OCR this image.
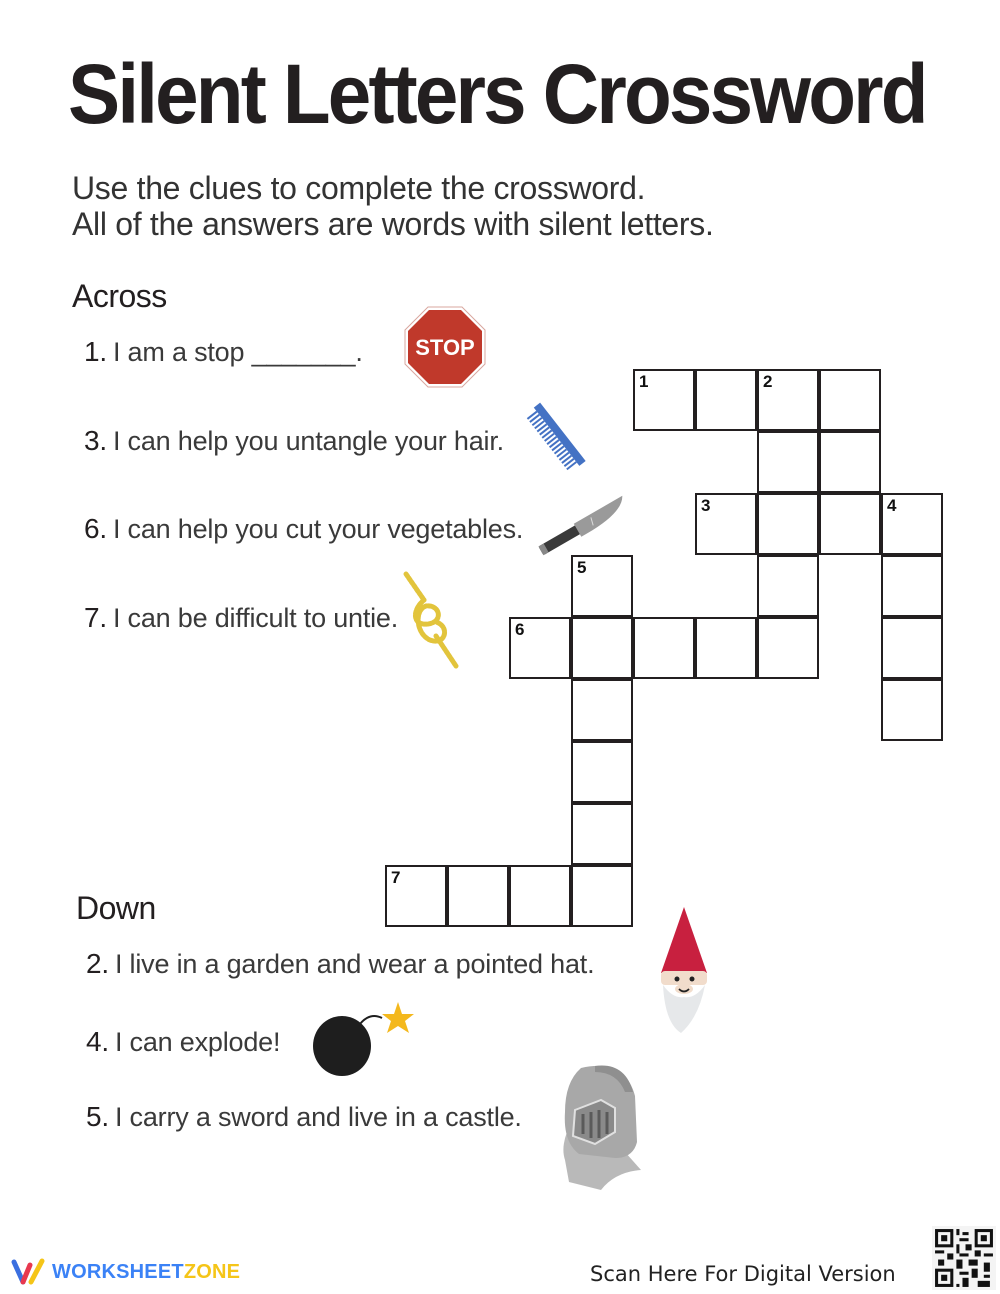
Silent Letters Crossword
Use the clues to complete the crossword.
All of the answers are words with silent letters.
Across
1. I am a stop _______.
3. I can help you untangle your hair.
6. I can help you cut your vegetables.
7. I can be difficult to untie.
Down
2. I live in a garden and wear a pointed hat.
4. I can explode!
5. I carry a sword and live in a castle.
STOP
1	2
3	4
5
6
7
WORKSHEET ZONE	Scan Here For Digital Version
